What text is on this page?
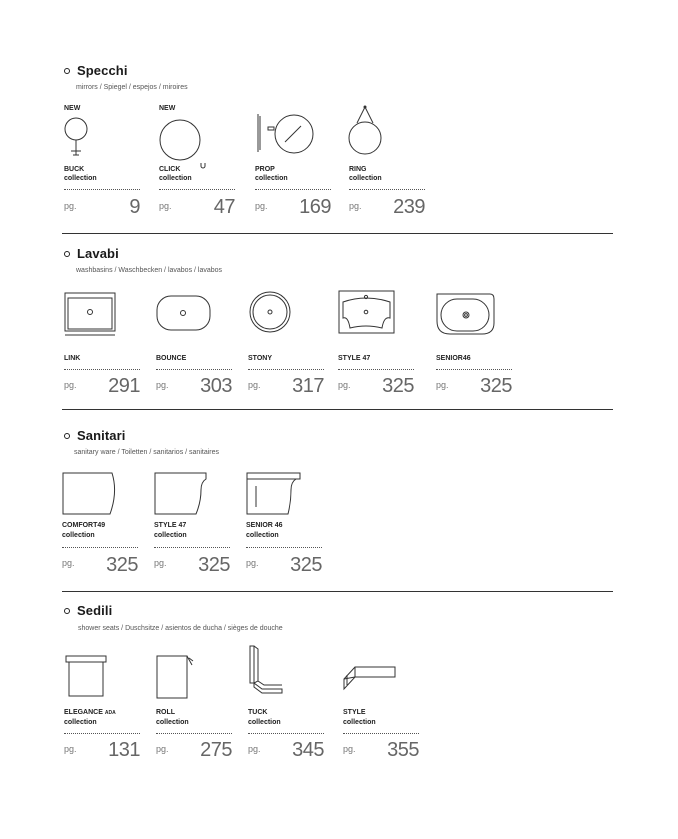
Specchi
mirrors / Spiegel / espejos / miroires
NEW
BUCK
collection
pg.	9
NEW
CLICK
collection
pg. 47
PROP
collection
pg. 169
RING
collection
pg. 239
Lavabi
washbasins / Waschbecken / lavabos / lavabos
LINK
pg. 291
BOUNCE
pg. 303
STONY
pg. 317
STYLE 47
pg. 325
SENIOR46
pg. 325
Sanitari
sanitary ware / Toiletten / sanitarios / sanitaires
COMFORT49
collection
pg. 325
STYLE 47
collection
pg. 325
SENIOR 46
collection
pg. 325
Sedili
shower seats / Duschsitze / asientos de ducha / sièges de douche
ELEGANCE ADA
collection
pg. 131
ROLL
collection
pg. 275
TUCK
collection
pg. 345
STYLE
collection
pg. 355
